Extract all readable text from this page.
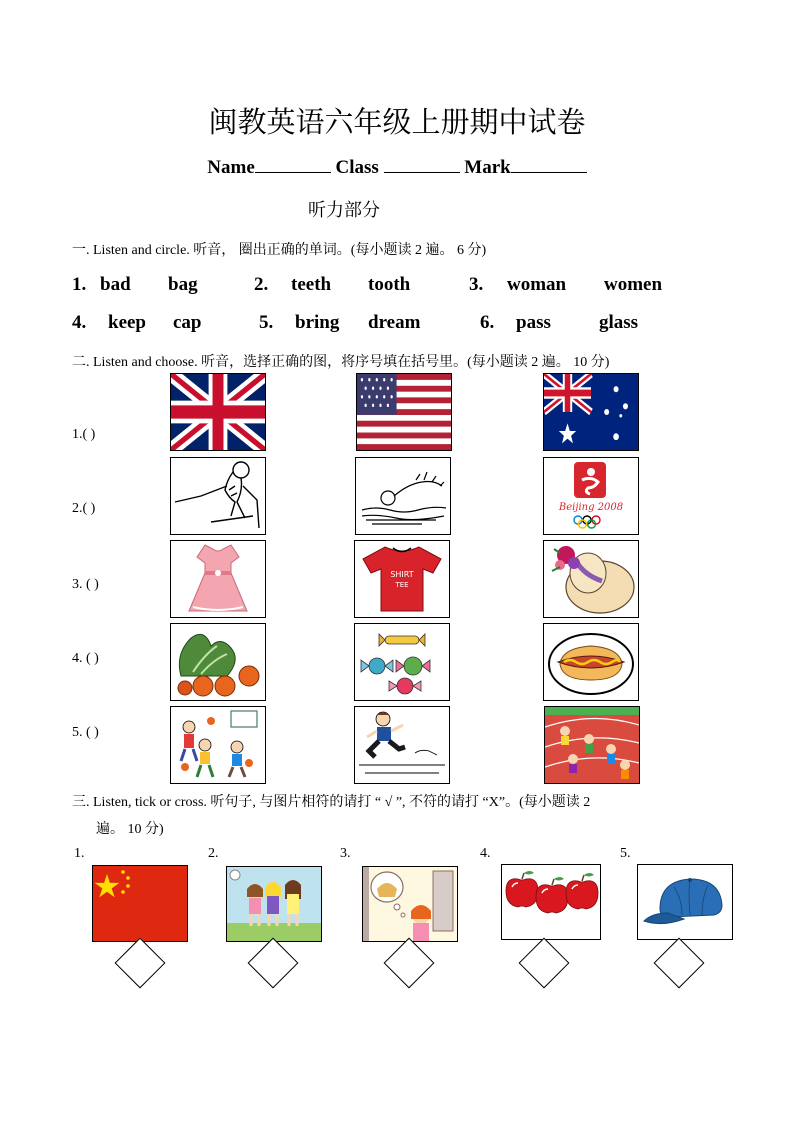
闽教英语六年级上册期中试卷
Name	Class	Mark
听力部分
一. Listen and circle. 听音， 圈出正确的单词。(每小题读 2 遍。 6 分)
1. bad bag	2. teeth tooth	3. woman women
4. keep cap	5. bring dream	6. pass	glass
二. Listen and choose. 听音，选择正确的图，将序号填在括号里。(每小题读 2 遍。 10 分)
1.( )
2.( )	Beijing 2008
3. ( )
SHIRT
TEE
4. ( )
5. ( )
三. Listen, tick or cross. 听句子, 与图片相符的请打 “ √ ”, 不符的请打 “X”。(每小题读 2
遍。 10 分)
1.	2.	3.	4.	5.
